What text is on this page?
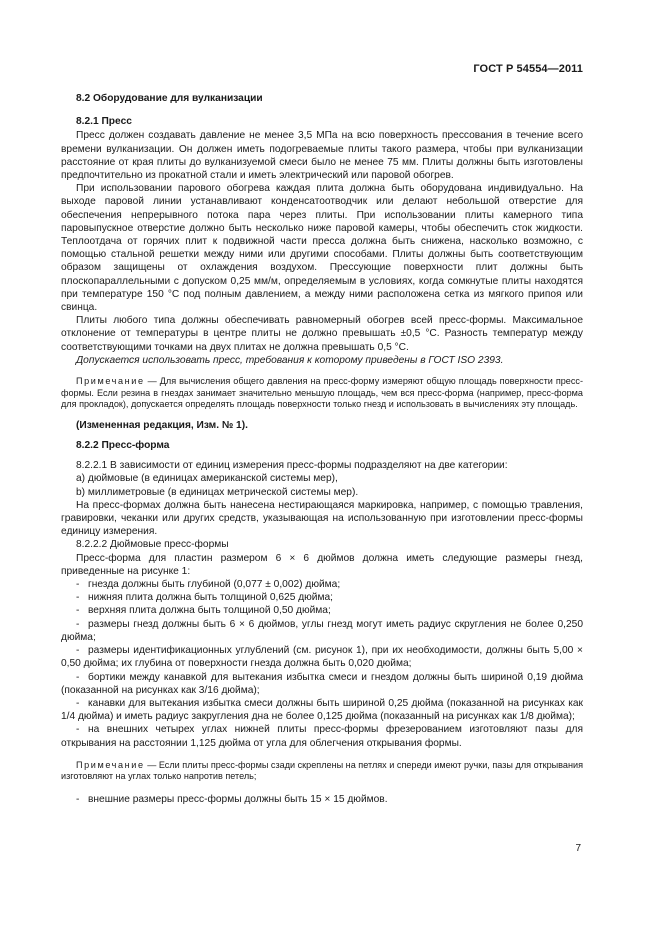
ГОСТ Р 54554—2011
8.2 Оборудование для вулканизации
8.2.1 Пресс

Пресс должен создавать давление не менее 3,5 МПа на всю поверхность прессования в течение всего времени вулканизации. Он должен иметь подогреваемые плиты такого размера, чтобы при вулканизации расстояние от края плиты до вулканизуемой смеси было не менее 75 мм. Плиты должны быть изготовлены предпочтительно из прокатной стали и иметь электрический или паровой обогрев.

При использовании парового обогрева каждая плита должна быть оборудована индивидуально. На выходе паровой линии устанавливают конденсатоотводчик или делают небольшой отверстие для обеспечения непрерывного потока пара через плиты. При использовании плиты камерного типа паровыпускное отверстие должно быть несколько ниже паровой камеры, чтобы обеспечить сток жидкости. Теплоотдача от горячих плит к подвижной части пресса должна быть снижена, насколько возможно, с помощью стальной решетки между ними или другими способами. Плиты должны быть соответствующим образом защищены от охлаждения воздухом. Прессующие поверхности плит должны быть плоскопараллельными с допуском 0,25 мм/м, определяемым в условиях, когда сомкнутые плиты находятся при температуре 150 °С под полным давлением, а между ними расположена сетка из мягкого припоя или свинца.

Плиты любого типа должны обеспечивать равномерный обогрев всей пресс-формы. Максимальное отклонение от температуры в центре плиты не должно превышать ±0,5 °С. Разность температур между соответствующими точками на двух плитах не должна превышать 0,5 °С.

Допускается использовать пресс, требования к которому приведены в ГОСТ ISO 2393.

Примечание — Для вычисления общего давления на пресс-форму измеряют общую площадь поверхности пресс-формы. Если резина в гнездах занимает значительно меньшую площадь, чем вся пресс-форма (например, пресс-форма для прокладок), допускается определять площадь поверхности только гнезд и использовать в вычислениях эту площадь.

(Измененная редакция, Изм. № 1).
8.2.2 Пресс-форма

8.2.2.1 В зависимости от единиц измерения пресс-формы подразделяют на две категории:

a) дюймовые (в единицах американской системы мер),

b) миллиметровые (в единицах метрической системы мер).

На пресс-формах должна быть нанесена нестирающаяся маркировка, например, с помощью травления, гравировки, чеканки или других средств, указывающая на использованную при изготовлении пресс-формы единицу измерения.

8.2.2.2 Дюймовые пресс-формы

Пресс-форма для пластин размером 6 × 6 дюймов должна иметь следующие размеры гнезд, приведенные на рисунке 1:

- гнезда должны быть глубиной (0,077 ± 0,002) дюйма;

- нижняя плита должна быть толщиной 0,625 дюйма;

- верхняя плита должна быть толщиной 0,50 дюйма;

- размеры гнезд должны быть 6 × 6 дюймов, углы гнезд могут иметь радиус скругления не более 0,250 дюйма;

- размеры идентификационных углублений (см. рисунок 1), при их необходимости, должны быть 5,00 × 0,50 дюйма; их глубина от поверхности гнезда должна быть 0,020 дюйма;

- бортики между канавкой для вытекания избытка смеси и гнездом должны быть шириной 0,19 дюйма (показанной на рисунках как 3/16 дюйма);

- канавки для вытекания избытка смеси должны быть шириной 0,25 дюйма (показанной на рисунках как 1/4 дюйма) и иметь радиус закругления дна не более 0,125 дюйма (показанный на рисунках как 1/8 дюйма);

- на внешних четырех углах нижней плиты пресс-формы фрезерованием изготовляют пазы для открывания на расстоянии 1,125 дюйма от угла для облегчения открывания формы.

Примечание — Если плиты пресс-формы сзади скреплены на петлях и спереди имеют ручки, пазы для открывания изготовляют на углах только напротив петель;

- внешние размеры пресс-формы должны быть 15 × 15 дюймов.

7
